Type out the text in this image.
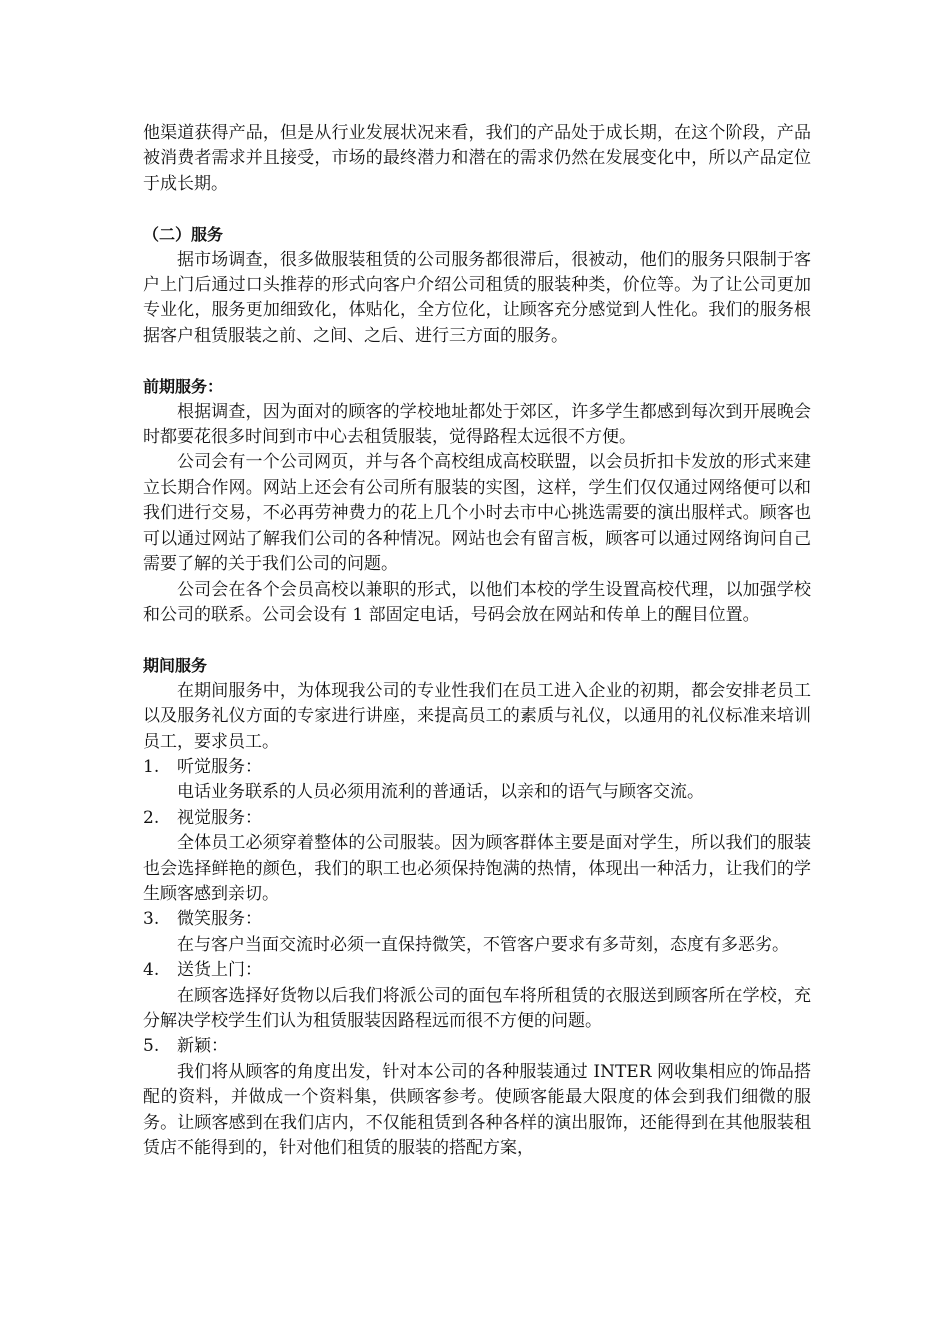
他渠道获得产品，但是从行业发展状况来看，我们的产品处于成长期，在这个阶段，产品被消费者需求并且接受，市场的最终潜力和潜在的需求仍然在发展变化中，所以产品定位于成长期。

（二）服务

据市场调查，很多做服装租赁的公司服务都很滞后，很被动，他们的服务只限制于客户上门后通过口头推荐的形式向客户介绍公司租赁的服装种类，价位等。为了让公司更加专业化，服务更加细致化，体贴化，全方位化，让顾客充分感觉到人性化。我们的服务根据客户租赁服装之前、之间、之后、进行三方面的服务。

前期服务：

根据调查，因为面对的顾客的学校地址都处于郊区，许多学生都感到每次到开展晚会时都要花很多时间到市中心去租赁服装，觉得路程太远很不方便。

公司会有一个公司网页，并与各个高校组成高校联盟，以会员折扣卡发放的形式来建立长期合作网。网站上还会有公司所有服装的实图，这样，学生们仅仅通过网络便可以和我们进行交易，不必再劳神费力的花上几个小时去市中心挑选需要的演出服样式。顾客也可以通过网站了解我们公司的各种情况。网站也会有留言板，顾客可以通过网络询问自己需要了解的关于我们公司的问题。

公司会在各个会员高校以兼职的形式，以他们本校的学生设置高校代理，以加强学校和公司的联系。公司会设有 1 部固定电话，号码会放在网站和传单上的醒目位置。

期间服务

在期间服务中，为体现我公司的专业性我们在员工进入企业的初期，都会安排老员工以及服务礼仪方面的专家进行讲座，来提高员工的素质与礼仪，以通用的礼仪标准来培训员工，要求员工。

1. 听觉服务：

电话业务联系的人员必须用流利的普通话，以亲和的语气与顾客交流。

2. 视觉服务：

全体员工必须穿着整体的公司服装。因为顾客群体主要是面对学生，所以我们的服装也会选择鲜艳的颜色，我们的职工也必须保持饱满的热情，体现出一种活力，让我们的学生顾客感到亲切。

3. 微笑服务：

在与客户当面交流时必须一直保持微笑，不管客户要求有多苛刻，态度有多恶劣。

4. 送货上门：

在顾客选择好货物以后我们将派公司的面包车将所租赁的衣服送到顾客所在学校，充分解决学校学生们认为租赁服装因路程远而很不方便的问题。

5. 新颖：

我们将从顾客的角度出发，针对本公司的各种服装通过 INTER 网收集相应的饰品搭配的资料，并做成一个资料集，供顾客参考。使顾客能最大限度的体会到我们细微的服务。让顾客感到在我们店内，不仅能租赁到各种各样的演出服饰，还能得到在其他服装租赁店不能得到的，针对他们租赁的服装的搭配方案，
